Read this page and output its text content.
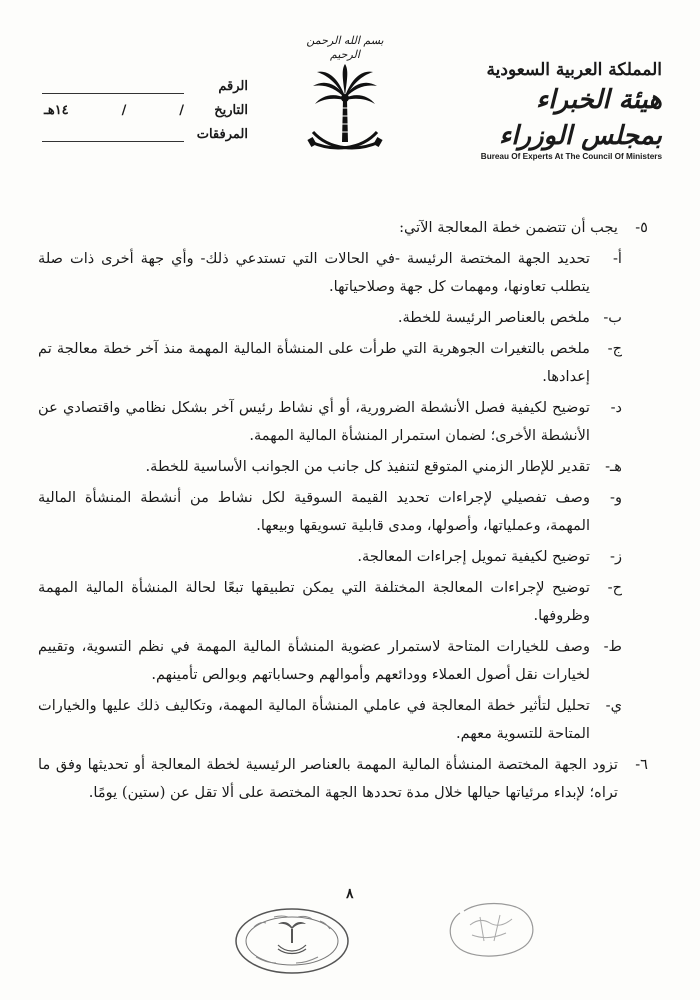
المملكة العربية السعودية
هيئة الخبراء بمجلس الوزراء
Bureau Of Experts At The Council Of Ministers
بسم الله الرحمن الرحيم
الرقم
التاريخ
/
/
١٤هـ
المرفقات

٥-
يجب أن تتضمن خطة المعالجة الآتي:

أ-
تحديد الجهة المختصة الرئيسة -في الحالات التي تستدعي ذلك- وأي جهة أخرى ذات صلة يتطلب تعاونها، ومهمات كل جهة وصلاحياتها.

ب-
ملخص بالعناصر الرئيسة للخطة.

ج-
ملخص بالتغيرات الجوهرية التي طرأت على المنشأة المالية المهمة منذ آخر خطة معالجة تم إعدادها.

د-
توضيح لكيفية فصل الأنشطة الضرورية، أو أي نشاط رئيس آخر بشكل نظامي واقتصادي عن الأنشطة الأخرى؛ لضمان استمرار المنشأة المالية المهمة.

هـ-
تقدير للإطار الزمني المتوقع لتنفيذ كل جانب من الجوانب الأساسية للخطة.

و-
وصف تفصيلي لإجراءات تحديد القيمة السوقية لكل نشاط من أنشطة المنشأة المالية المهمة، وعملياتها، وأصولها، ومدى قابلية تسويقها وبيعها.

ز-
توضيح لكيفية تمويل إجراءات المعالجة.

ح-
توضيح لإجراءات المعالجة المختلفة التي يمكن تطبيقها تبعًا لحالة المنشأة المالية المهمة وظروفها.

ط-
وصف للخيارات المتاحة لاستمرار عضوية المنشأة المالية المهمة في نظم التسوية، وتقييم لخيارات نقل أصول العملاء وودائعهم وأموالهم وحساباتهم وبوالص تأمينهم.

ي-
تحليل لتأثير خطة المعالجة في عاملي المنشأة المالية المهمة، وتكاليف ذلك عليها والخيارات المتاحة للتسوية معهم.

٦-
تزود الجهة المختصة المنشأة المالية المهمة بالعناصر الرئيسية لخطة المعالجة أو تحديثها وفق ما تراه؛ لإبداء مرئياتها حيالها خلال مدة تحددها الجهة المختصة على ألا تقل عن (ستين) يومًا.

٨
